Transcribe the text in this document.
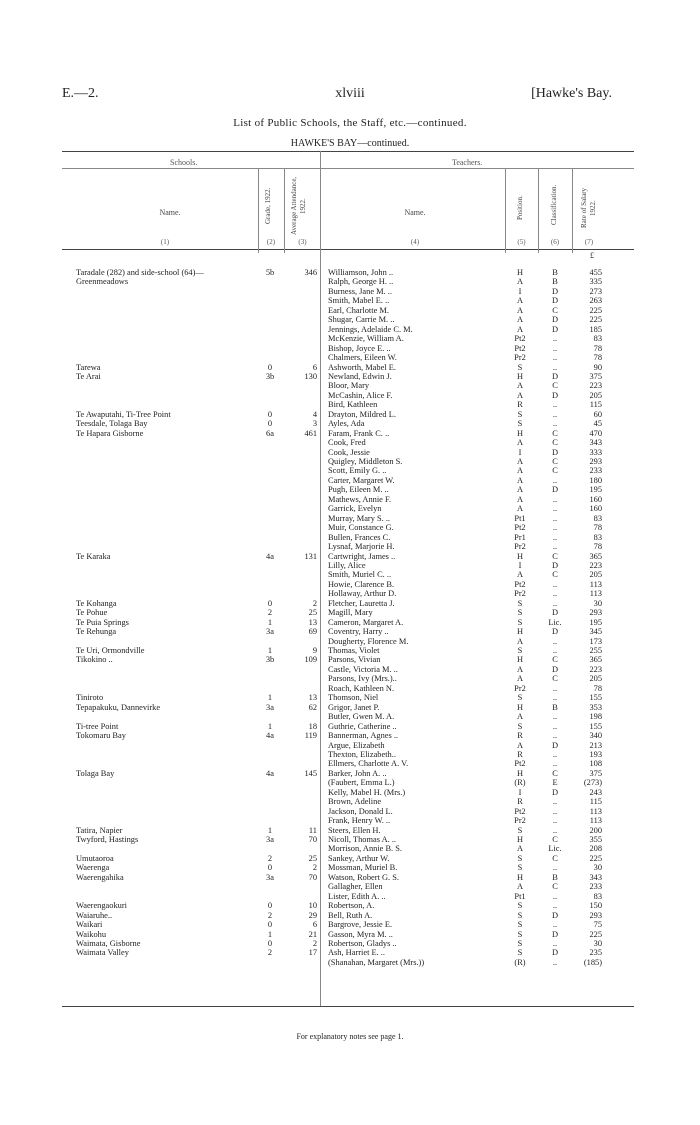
E.—2.	xlviii	[Hawke's Bay.
List of Public Schools, the Staff, etc.—continued.
HAWKE'S BAY—continued.
Schools.	Teachers.
Name.	Grade, 1922.	Average Attendance, 1922.	Name.	Position.	Classification.	Rate of Salary 1922.
(1)	(2)	(3)	(4)	(5)	(6)	(7)
£
Taradale (282) and side-school (64)—	5b	346 Williamson, John ..	H	B	455
Greenmeadows	Ralph, George H. ..	A	B	335
Burness, Jane M. ..	I	D	273
Smith, Mabel E. ..	A	D	263
Earl, Charlotte M.	A	C	225
Shugar, Carrie M. ..	A	D	225
Jennings, Adelaide C. M.	A	D	185
McKenzie, William A.	Pt2	..	83
Bishop, Joyce E. ..	Pt2	..	78
Chalmers, Eileen W.	Pr2	..	78
Tarewa	0	6 Ashworth, Mabel E.	S	..	90
Te Arai	3b	130 Newland, Edwin J.	H	D	375
Bloor, Mary	A	C	223
McCashin, Alice F.	A	D	205
Bird, Kathleen	R	..	115
Te Awaputahi, Ti-Tree Point	0	4 Drayton, Mildred L.	S	..	60
Teesdale, Tolaga Bay	0	3 Ayles, Ada	S	..	45
Te Hapara Gisborne	6a	461 Faram, Frank C. ..	H	C	470
Cook, Fred	A	C	343
Cook, Jessie	I	D	333
Quigley, Middleton S.	A	C	293
Scott, Emily G. ..	A	C	233
Carter, Margaret W.	A	..	180
Pugh, Eileen M. ..	A	D	195
Mathews, Annie F.	A	..	160
Garrick, Evelyn	A	..	160
Murray, Mary S. ..	Pt1	..	83
Muir, Constance G.	Pt2	..	78
Bullen, Frances C.	Pr1	..	83
Lysnaf, Marjorie H.	Pr2	..	78
Te Karaka	4a	131 Cartwright, James ..	H	C	365
Lilly, Alice	I	D	223
Smith, Muriel C. ..	A	C	205
Howie, Clarence B.	Pt2	..	113
Hollaway, Arthur D.	Pr2	..	113
Te Kohanga	0	2 Fletcher, Lauretta J.	S	..	30
Te Pohue	2	25 Magill, Mary	S	D	293
Te Puia Springs	1	13 Cameron, Margaret A.	S	Lic.	195
Te Rehunga	3a	69 Coventry, Harry ..	H	D	345
Dougherty, Florence M.	A	..	173
Te Uri, Ormondville	1	9 Thomas, Violet	S	..	255
Tikokino ..	3b	109 Parsons, Vivian	H	C	365
Castle, Victoria M. ..	A	D	223
Parsons, Ivy (Mrs.)..	A	C	205
Roach, Kathleen N.	Pr2	..	78
Tiniroto	1	13 Thomson, Niel	S	..	155
Tepapakuku, Dannevirke	3a	62 Grigor, Janet P.	H	B	353
Butler, Gwen M. A.	A	..	198
Ti-tree Point	1	18 Guthrie, Catherine ..	S	..	155
Tokomaru Bay	4a	119 Bannerman, Agnes ..	R	..	340
Argue, Elizabeth	A	D	213
Thexton, Elizabeth..	R	..	193
Ellmers, Charlotte A. V.	Pt2	..	108
Tolaga Bay	4a	145 Barker, John A. ..	H	C	375
(Faubert, Emma L.)	(R)	E	(273)
Kelly, Mabel H. (Mrs.)	I	D	243
Brown, Adeline	R	..	115
Jackson, Donald L.	Pt2	..	113
Frank, Henry W. ..	Pr2	..	113
Tatira, Napier	1	11 Steers, Ellen H.	S	..	200
Twyford, Hastings	3a	70 Nicoll, Thomas A. ..	H	C	355
Morrison, Annie B. S.	A	Lic.	208
Umutaoroa	2	25 Sankey, Arthur W.	S	C	225
Waerenga	0	2 Mossman, Muriel B.	S	..	30
Waerengahika	3a	70 Watson, Robert G. S.	H	B	343
Gallagher, Ellen	A	C	233
Lister, Edith A. ..	Pt1	..	83
Waerengaokuri	0	10 Robertson, A.	S	..	150
Waiaruhe..	2	29 Bell, Ruth A.	S	D	293
Waikari	0	6 Bargrove, Jessie E.	S	..	75
Waikohu	1	21 Gasson, Myra M. ..	S	D	225
Waimata, Gisborne	0	2 Robertson, Gladys ..	S	..	30
Waimata Valley	2	17 Ash, Harriet E. ..	S	D	235
(Shanahan, Margaret (Mrs.))	(R)	..	(185)
For explanatory notes see page 1.
